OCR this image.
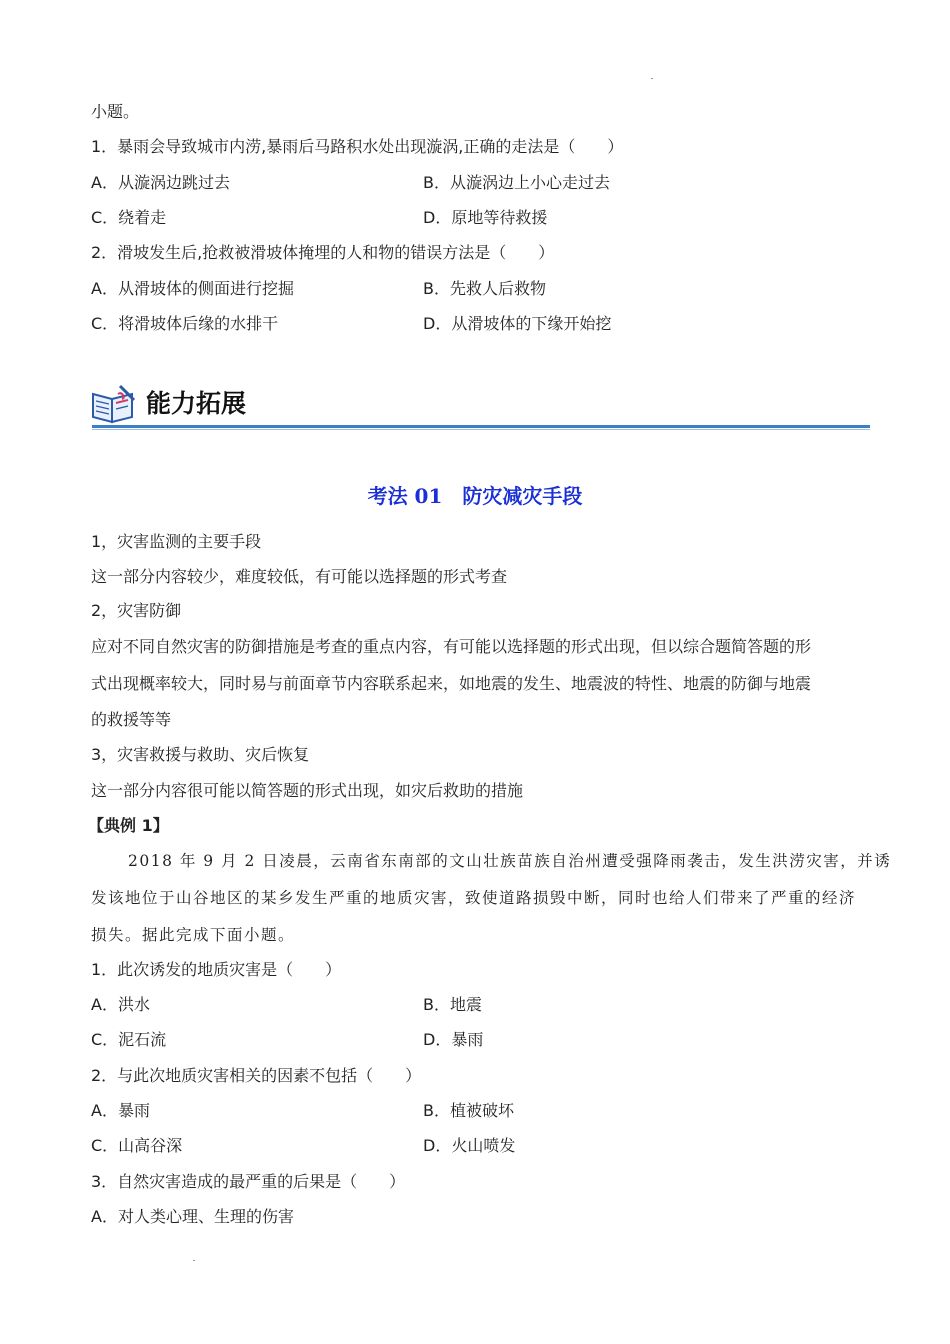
小题。
1．暴雨会导致城市内涝,暴雨后马路积水处出现漩涡,正确的走法是（　　）
A．从漩涡边跳过去	B．从漩涡边上小心走过去
C．绕着走	D．原地等待救援
2．滑坡发生后,抢救被滑坡体掩埋的人和物的错误方法是（　　）
A．从滑坡体的侧面进行挖掘	B．先救人后救物
C．将滑坡体后缘的水排干	D．从滑坡体的下缘开始挖
能力拓展
考法 01　防灾减灾手段
1，灾害监测的主要手段
这一部分内容较少，难度较低，有可能以选择题的形式考查
2，灾害防御
应对不同自然灾害的防御措施是考查的重点内容，有可能以选择题的形式出现，但以综合题简答题的形
式出现概率较大，同时易与前面章节内容联系起来，如地震的发生、地震波的特性、地震的防御与地震
的救援等等
3，灾害救援与救助、灾后恢复
这一部分内容很可能以简答题的形式出现，如灾后救助的措施
【典例 1】
2018 年 9 月 2 日凌晨，云南省东南部的文山壮族苗族自治州遭受强降雨袭击，发生洪涝灾害，并诱
发该地位于山谷地区的某乡发生严重的地质灾害，致使道路损毁中断，同时也给人们带来了严重的经济
损失。据此完成下面小题。
1．此次诱发的地质灾害是（　　）
A．洪水	B．地震
C．泥石流	D．暴雨
2．与此次地质灾害相关的因素不包括（　　）
A．暴雨	B．植被破坏
C．山高谷深	D．火山喷发
3．自然灾害造成的最严重的后果是（　　）
A．对人类心理、生理的伤害
